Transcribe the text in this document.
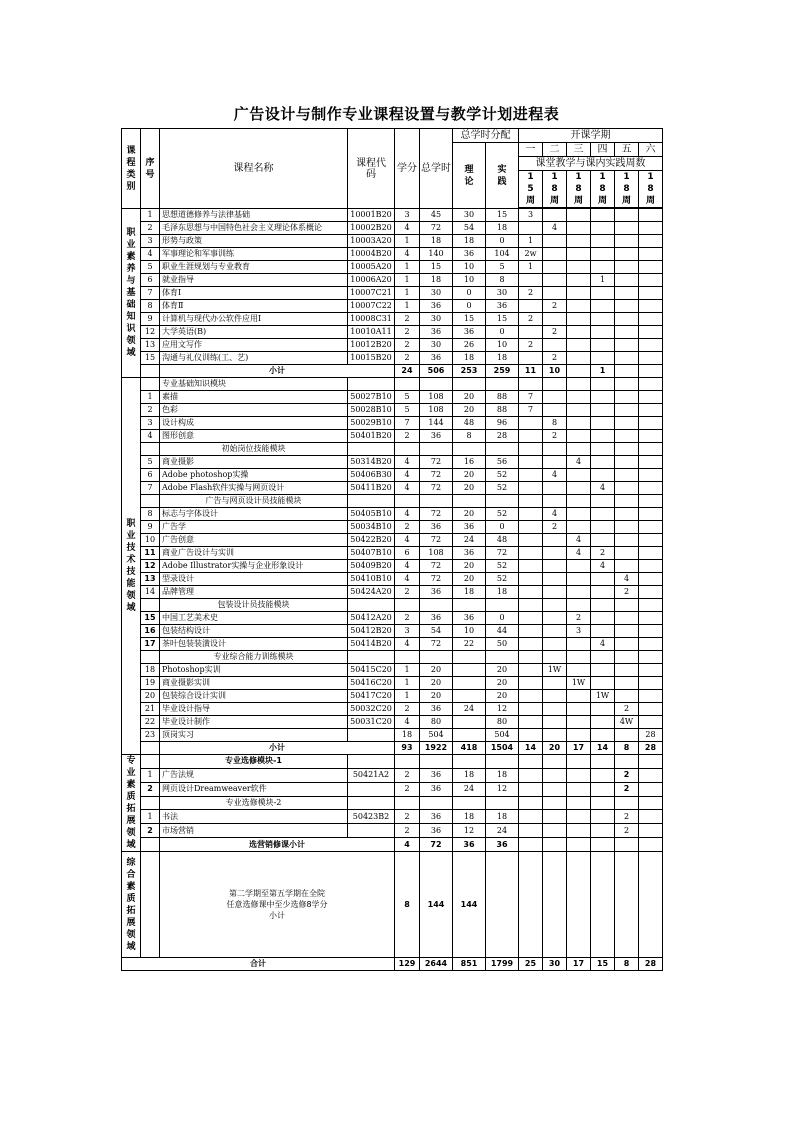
广告设计与制作专业课程设置与教学计划进程表
课程类别	序号	课程名称	课程代码	学分	总学时	总学时分配		开课学期					
						理论	实践	一	二	三	四	五	六
								课堂教学与课内实践周数					
								15周	18周	18周	18周	18周	18周

职业素养与基础知识领域	1	思想道德修养与法律基础	10001B20	3	45	30	15	3					
	2	毛泽东思想与中国特色社会主义理论体系概论	10002B20	4	72	54	18		4				
	3	形势与政策	10003A20	1	18	18	0	1					
	4	军事理论和军事训练	10004B20	4	140	36	104	2w					
	5	职业生涯规划与专业教育	10005A20	1	15	10	5	1					
	6	就业指导	10006A20	1	18	10	8				1		
	7	体育Ⅰ	10007C21	1	30	0	30	2					
	8	体育Ⅱ	10007C22	1	36	0	36		2				
	9	计算机与现代办公软件应用Ⅰ	10008C31	2	30	15	15	2					
	12	大学英语(B)	10010A11	2	36	36	0		2				
	13	应用文写作	10012B20	2	30	26	10	2					
	15	沟通与礼仪训练(工、艺)	10015B20	2	36	18	18		2				
		小计		24	506	253	259	11	10		1		
职业技术技能领域		专业基础知识模块											
	1	素描	50027B10	5	108	20	88	7					
	2	色彩	50028B10	5	108	20	88	7					
	3	设计构成	50029B10	7	144	48	96		8				
	4	图形创意	50401B20	2	36	8	28		2				
		初始岗位技能模块											
	5	商业摄影	50314B20	4	72	16	56			4			
	6	Adobe photoshop实操	50406B30	4	72	20	52		4				
	7	Adobe Flash软件实操与网页设计	50411B20	4	72	20	52				4		
		广告与网页设计员技能模块											
	8	标志与字体设计	50405B10	4	72	20	52		4				
	9	广告学	50034B10	2	36	36	0		2				
	10	广告创意	50422B20	4	72	24	48			4			
	11	商业广告设计与实训	50407B10	6	108	36	72			4	2		
	12	Adobe Illustrator实操与企业形象设计	50409B20	4	72	20	52				4		
	13	型录设计	50410B10	4	72	20	52					4	
	14	品牌管理	50424A20	2	36	18	18					2	
		包装设计员技能模块											
	15	中国工艺美术史	50412A20	2	36	36	0			2			
	16	包装结构设计	50412B20	3	54	10	44			3			
	17	茶叶包装装潢设计	50414B20	4	72	22	50				4		
		专业综合能力训练模块											
	18	Photoshop实训	50415C20	1	20		20		1W				
	19	商业摄影实训	50416C20	1	20		20			1W			
	20	包装综合设计实训	50417C20	1	20		20				1W		
	21	毕业设计指导	50032C20	2	36	24	12					2	
	22	毕业设计制作	50031C20	4	80		80					4W	
	23	顶岗实习		18	504		504						28
		小计		93	1922	418	1504	14	20	17	14	8	28
专业素质拓展领域		专业选修模块-1											
	1	广告法规	50421A2	2	36	18	18					2	
	2	网页设计Dreamweaver软件		2	36	24	12					2	
		专业选修模块-2											
	1	书法	50423B2	2	36	18	18					2	
	2	市场营销		2	36	12	24					2	
		选营销修课小计		4	72	36	36						
综合素质拓展领域		第二学期至第五学期在全院
任意选修课中至少选修8学分
小计		8	144	144							
合计				129	2644	851	1799	25	30	17	15	8	28
